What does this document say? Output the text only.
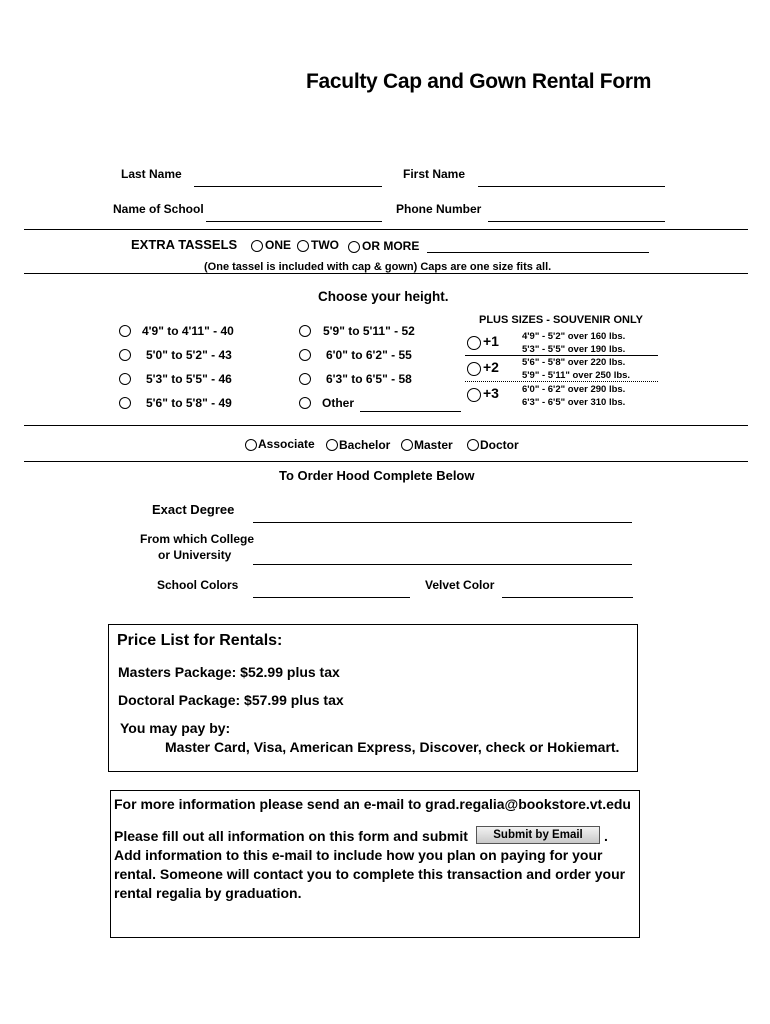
Faculty Cap and Gown Rental Form
Last Name	First Name
Name of School	Phone Number
EXTRA TASSELS ONE TWO OR MORE
(One tassel is included with cap & gown) Caps are one size fits all.
Choose your height.
4'9" to 4'11" - 40
5'0" to 5'2" - 43
5'3" to 5'5" - 46
5'6" to 5'8" - 49
5'9" to 5'11" - 52
6'0" to 6'2" - 55
6'3" to 6'5" - 58
Other
PLUS SIZES - SOUVENIR ONLY
+1 4'9" - 5'2" over 160 lbs.
5'3" - 5'5" over 190 lbs.
+2 5'6" - 5'8" over 220 lbs.
5'9" - 5'11" over 250 lbs.
+3 6'0" - 6'2" over 290 lbs.
6'3" - 6'5" over 310 lbs.
Associate Bachelor Master Doctor
To Order Hood Complete Below
Exact Degree
From which College
or University
School Colors	Velvet Color
Price List for Rentals:
Masters Package: $52.99 plus tax
Doctoral Package: $57.99 plus tax
You may pay by:
Master Card, Visa, American Express, Discover, check or Hokiemart.
For more information please send an e-mail to grad.regalia@bookstore.vt.edu
Please fill out all information on this form and submit	Submit by Email	.
Add information to this e-mail to include how you plan on paying for your
rental. Someone will contact you to complete this transaction and order your
rental regalia by graduation.
